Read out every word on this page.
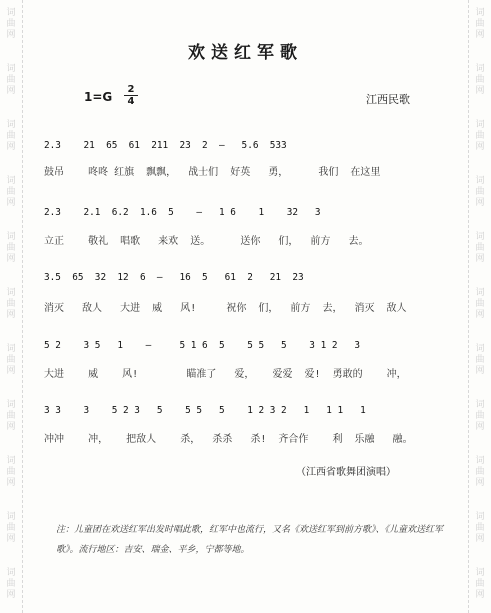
词
曲
网
词
曲
网
词
曲
网
词
曲
网
词
曲
网
词
曲
网
词
曲
网
词
曲
网
词
曲
网
词
曲
网
词
曲
网
词
曲
网
词
曲
网
词
曲
网
词
曲
网
词
曲
网
词
曲
网
词
曲
网
词
曲
网
词
曲
网
词
曲
网
词
曲
网
欢送红军歌
1=G
2
4	江西民歌
2.3    21  65  61  211  23  2  —   5.6  533
鼓吊    咚咚 红旗  飘飘，  战士们  好英   勇，     我们  在这里
2.3    2.1  6.2  1.6  5    —   1 6    1    32   3
立正    敬礼  唱歌   来欢  送。     送你   们，  前方   去。
3.5  65  32  12  6  —   16  5   61  2   21  23
消灭   敌人   大进  威   风!     祝你  们，  前方  去，  消灭  敌人
5 2    3 5   1    —     5 1 6  5    5 5   5    3 1 2   3
大进    威    风!        瞄准了   爱，   爱爱  爱!  勇敢的    冲，
3 3    3    5 2 3   5    5 5   5    1 2 3 2   1   1 1   1
冲冲    冲，   把敌人    杀，  杀杀   杀!  齐合作    利  乐融   融。
（江西省歌舞团演唱）

注：儿童团在欢送红军出发时唱此歌，红军中也流行，又名《欢送红军到前方歌》、《儿童欢送红军歌》。流行地区：吉安、瑞金、平乡，宁都等地。
